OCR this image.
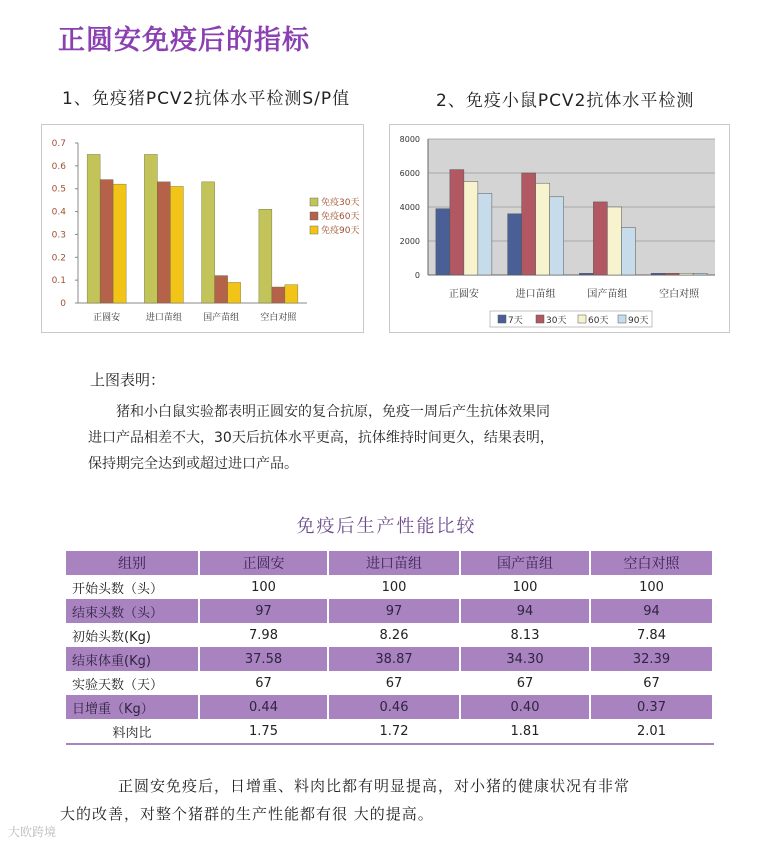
正圆安免疫后的指标
1、免疫猪PCV2抗体水平检测S/P值	2、免疫小鼠PCV2抗体水平检测
0
0.1
0.2
0.3
0.4
0.5
0.6
0.7
正圆安	进口苗组 国产苗组 空白对照
免疫30天
免疫60天
免疫90天
0
2000
4000
6000
8000
正圆安	进口苗组	国产苗组	空白对照
7天	30天 60天 90天
上图表明：
猪和小白鼠实验都表明正圆安的复合抗原，免疫一周后产生抗体效果同
进口产品相差不大，30天后抗体水平更高，抗体维持时间更久，结果表明，
保持期完全达到或超过进口产品。
免疫后生产性能比较
组别	正圆安	进口苗组	国产苗组	空白对照
开始头数（头）	100	100	100	100
结束头数（头）	97	97	94	94
初始头数(Kg)	7.98	8.26	8.13	7.84
结束体重(Kg)	37.58	38.87	34.30	32.39
实验天数（天）	67	67	67	67
日增重（Kg）	0.44	0.46	0.40	0.37
料肉比	1.75	1.72	1.81	2.01
正圆安免疫后，日增重、料肉比都有明显提高，对小猪的健康状况有非常
大的改善，对整个猪群的生产性能都有很 大的提高。
大欧跨境
